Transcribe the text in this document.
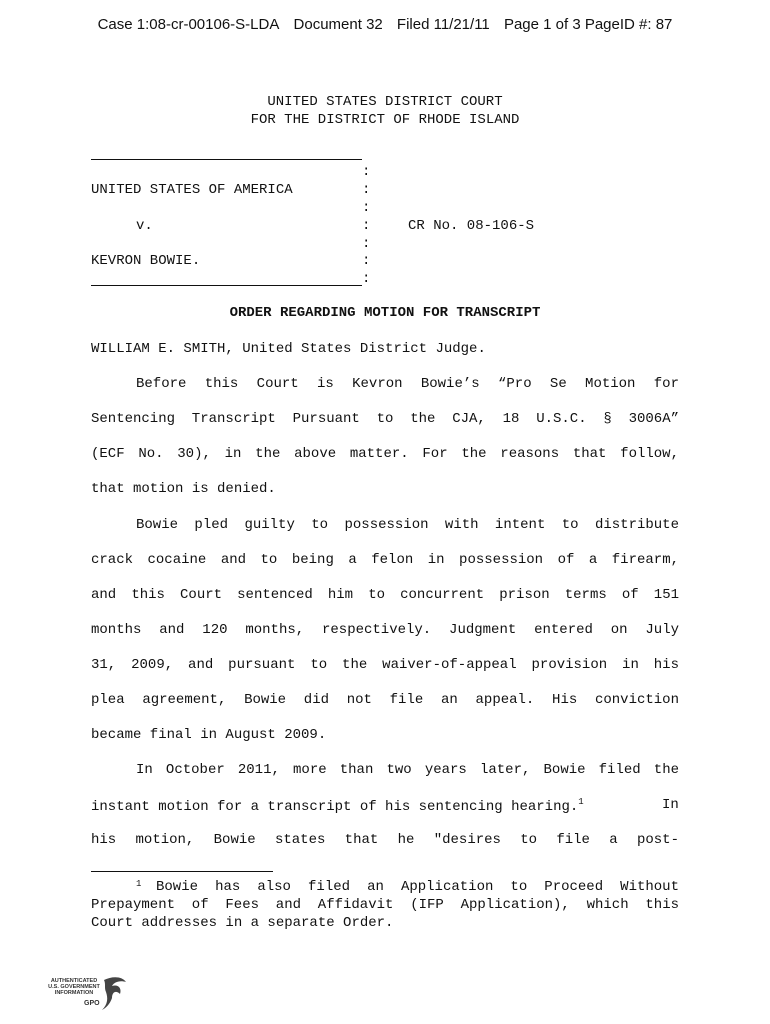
Case 1:08-cr-00106-S-LDA Document 32 Filed 11/21/11 Page 1 of 3 PageID #: 87
UNITED STATES DISTRICT COURT
FOR THE DISTRICT OF RHODE ISLAND
:
UNITED STATES OF AMERICA	:
:
v.	:	CR No. 08-106-S
:
KEVRON BOWIE.	:
:
ORDER REGARDING MOTION FOR TRANSCRIPT
WILLIAM E. SMITH, United States District Judge.
Before this Court is Kevron Bowie’s “Pro Se Motion for
Sentencing Transcript Pursuant to the CJA, 18 U.S.C. § 3006A”
(ECF No. 30), in the above matter. For the reasons that follow,
that motion is denied.
Bowie pled guilty to possession with intent to distribute
crack cocaine and to being a felon in possession of a firearm,
and this Court sentenced him to concurrent prison terms of 151
months and 120 months, respectively. Judgment entered on July
31, 2009, and pursuant to the waiver-of-appeal provision in his
plea agreement, Bowie did not file an appeal. His conviction
became final in August 2009.
In October 2011, more than two years later, Bowie filed the
instant motion for a transcript of his sentencing hearing.$^1$	In
his motion, Bowie states that he "desires to file a post-
$^1$ Bowie has also filed an Application to Proceed Without
Prepayment of Fees and Affidavit (IFP Application), which this
Court addresses in a separate Order.
AUTHENTICATED
U.S. GOVERNMENT
INFORMATION
GPO
